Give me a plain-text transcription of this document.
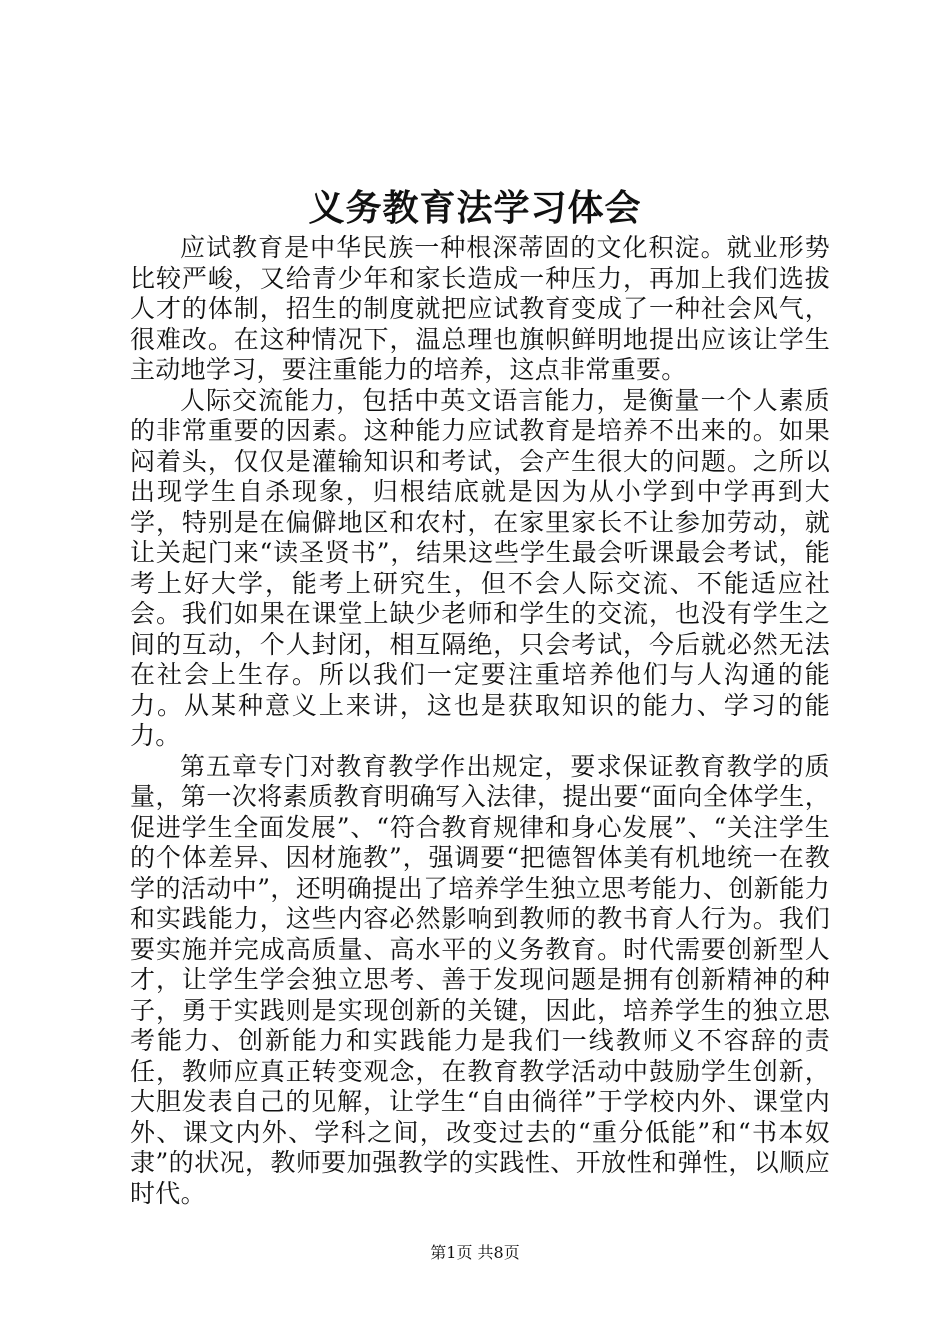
义务教育法学习体会

应试教育是中华民族一种根深蒂固的文化积淀。就业形势比较严峻，又给青少年和家长造成一种压力，再加上我们选拔人才的体制，招生的制度就把应试教育变成了一种社会风气，很难改。在这种情况下，温总理也旗帜鲜明地提出应该让学生主动地学习，要注重能力的培养，这点非常重要。

人际交流能力，包括中英文语言能力，是衡量一个人素质的非常重要的因素。这种能力应试教育是培养不出来的。如果闷着头，仅仅是灌输知识和考试，会产生很大的问题。之所以出现学生自杀现象，归根结底就是因为从小学到中学再到大学，特别是在偏僻地区和农村，在家里家长不让参加劳动，就让关起门来“读圣贤书”，结果这些学生最会听课最会考试，能考上好大学，能考上研究生，但不会人际交流、不能适应社会。我们如果在课堂上缺少老师和学生的交流，也没有学生之间的互动，个人封闭，相互隔绝，只会考试，今后就必然无法在社会上生存。所以我们一定要注重培养他们与人沟通的能力。从某种意义上来讲，这也是获取知识的能力、学习的能力。

第五章专门对教育教学作出规定，要求保证教育教学的质量，第一次将素质教育明确写入法律，提出要“面向全体学生，促进学生全面发展”、“符合教育规律和身心发展”、“关注学生的个体差异、因材施教”，强调要“把德智体美有机地统一在教学的活动中”，还明确提出了培养学生独立思考能力、创新能力和实践能力，这些内容必然影响到教师的教书育人行为。我们要实施并完成高质量、高水平的义务教育。时代需要创新型人才，让学生学会独立思考、善于发现问题是拥有创新精神的种子，勇于实践则是实现创新的关键，因此，培养学生的独立思考能力、创新能力和实践能力是我们一线教师义不容辞的责任，教师应真正转变观念，在教育教学活动中鼓励学生创新，大胆发表自己的见解，让学生“自由徜徉”于学校内外、课堂内外、课文内外、学科之间，改变过去的“重分低能”和“书本奴隶”的状况，教师要加强教学的实践性、开放性和弹性，以顺应时代。

第1页 共8页
